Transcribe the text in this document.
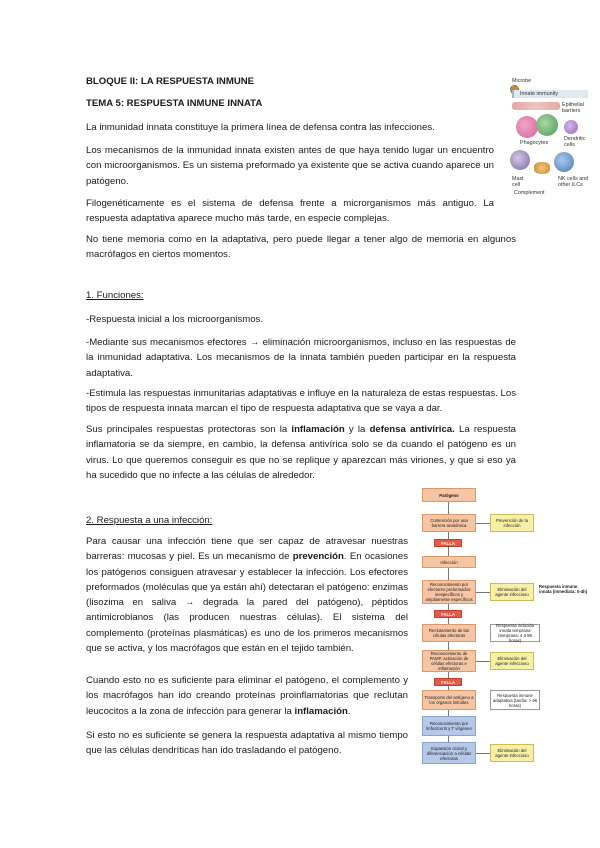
BLOQUE II: LA RESPUESTA INMUNE
TEMA 5: RESPUESTA INMUNE INNATA

La inmunidad innata constituye la primera línea de defensa contra las infecciones.

Los mecanismos de la inmunidad innata existen antes de que haya tenido lugar un encuentro con microorganismos. Es un sistema preformado ya existente que se activa cuando aparece un patógeno.

Filogenéticamente es el sistema de defensa frente a microrganismos más antiguo. La respuesta adaptativa aparece mucho más tarde, en especie complejas.

No tiene memoria como en la adaptativa, pero puede llegar a tener algo de memoria en algunos macrófagos en ciertos momentos.

Microbe
Innate immunity
Epithelial barriers
Phagocytes
Dendritic cells
Mast cell
Complement
NK cells and other ILCs
1. Funciones:

-Respuesta inicial a los microorganismos.

-Mediante sus mecanismos efectores → eliminación microorganismos, incluso en las respuestas de la inmunidad adaptativa. Los mecanismos de la innata también pueden participar en la respuesta adaptativa.

-Estimula las respuestas inmunitarias adaptativas e influye en la naturaleza de estas respuestas. Los tipos de respuesta innata marcan el tipo de respuesta adaptativa que se vaya a dar.

Sus principales respuestas protectoras son la inflamación y la defensa antivírica. La respuesta inflamatoria se da siempre, en cambio, la defensa antivírica solo se da cuando el patógeno es un virus. Lo que queremos conseguir es que no se replique y aparezcan más viriones, y que si eso ya ha sucedido que no infecte a las células de alrededor.

2. Respuesta a una infección:

Para causar una infección tiene que ser capaz de atravesar nuestras barreras: mucosas y piel. Es un mecanismo de prevención. En ocasiones los patógenos consiguen atravesar y establecer la infección. Los efectores preformados (moléculas que ya están ahí) detectaran el patógeno: enzimas (lisozima en saliva → degrada la pared del patógeno), péptidos antimicrobianos (las producen nuestras células). El sistema del complemento (proteínas plasmáticas) es uno de los primeros mecanismos que se activa, y los macrófagos que están en el tejido también.

Cuando esto no es suficiente para eliminar el patógeno, el complemento y los macrófagos han ido creando proteínas proinflamatorias que reclutan leucocitos a la zona de infección para generar la inflamación.

Si esto no es suficiente se genera la respuesta adaptativa al mismo tiempo que las células dendríticas han ido trasladando el patógeno.

Patógeno
Contención por una barrera anatómica
Prevención de la infección
FALLA
Infección
Reconocimiento por efectores preformados inespecíficos y ampliamente específicos
Eliminación del agente infeccioso
Respuesta inmune innata (inmediata: 0-4h)
FALLA
Reclutamiento de las células efectoras
Respuesta inducida innata temprana (temprana: 4 a 96 horas)
Reconocimiento de PAMP, activación de células efectoras e inflamación
Eliminación del agente infeccioso
FALLA
Transporte del antígeno a los órganos linfoides
Respuesta inmune adaptativa (tardía: > 96 horas)
Reconocimiento por linfocitos B y T vírgenes
Expansión clonal y diferenciación a células efectoras
Eliminación del agente infeccioso
